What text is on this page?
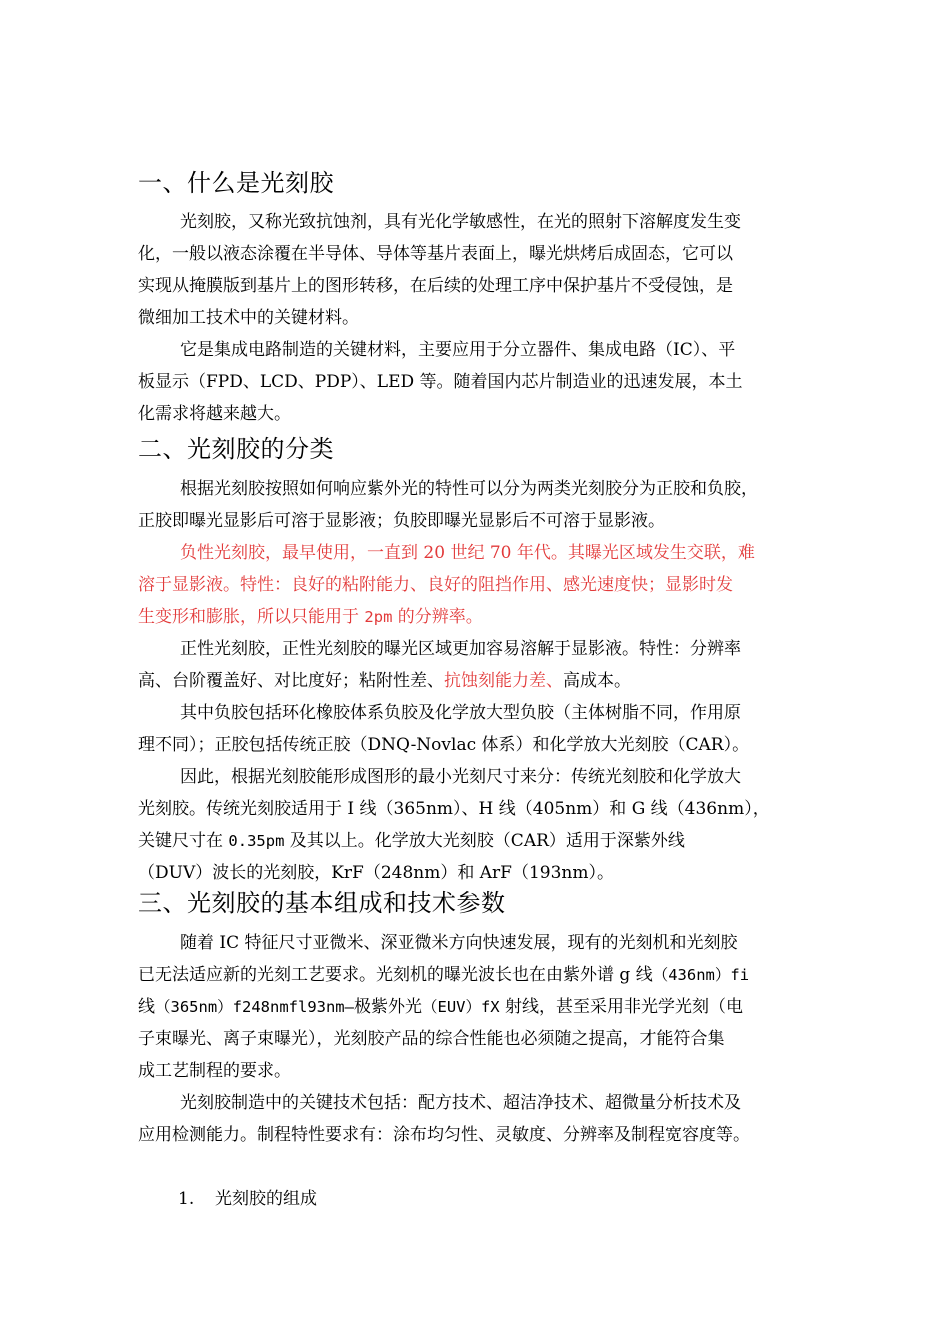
一、什么是光刻胶
光刻胶，又称光致抗蚀剂，具有光化学敏感性，在光的照射下溶解度发生变
化，一般以液态涂覆在半导体、导体等基片表面上，曝光烘烤后成固态，它可以
实现从掩膜版到基片上的图形转移，在后续的处理工序中保护基片不受侵蚀，是
微细加工技术中的关键材料。
它是集成电路制造的关键材料，主要应用于分立器件、集成电路（IC）、平
板显示（FPD、LCD、PDP）、LED 等。随着国内芯片制造业的迅速发展，本土
化需求将越来越大。
二、光刻胶的分类
根据光刻胶按照如何响应紫外光的特性可以分为两类光刻胶分为正胶和负胶，
正胶即曝光显影后可溶于显影液；负胶即曝光显影后不可溶于显影液。
负性光刻胶，最早使用，一直到 20 世纪 70 年代。其曝光区域发生交联，难
溶于显影液。特性：良好的粘附能力、良好的阻挡作用、感光速度快；显影时发
生变形和膨胀，所以只能用于 2pm 的分辨率。
正性光刻胶，正性光刻胶的曝光区域更加容易溶解于显影液。特性：分辨率
高、台阶覆盖好、对比度好；粘附性差、抗蚀刻能力差、高成本。
其中负胶包括环化橡胶体系负胶及化学放大型负胶（主体树脂不同，作用原
理不同）；正胶包括传统正胶（DNQ-Novlac 体系）和化学放大光刻胶（CAR）。
因此，根据光刻胶能形成图形的最小光刻尺寸来分：传统光刻胶和化学放大
光刻胶。传统光刻胶适用于 I 线（365nm）、H 线（405nm）和 G 线（436nm），
关键尺寸在 0.35pm 及其以上。化学放大光刻胶（CAR）适用于深紫外线
（DUV）波长的光刻胶，KrF（248nm）和 ArF（193nm）。
三、光刻胶的基本组成和技术参数
随着 IC 特征尺寸亚微米、深亚微米方向快速发展，现有的光刻机和光刻胶
已无法适应新的光刻工艺要求。光刻机的曝光波长也在由紫外谱 g 线（436nm）fi
线（365nm）f248nmfl93nm—极紫外光（EUV）fX 射线，甚至采用非光学光刻（电
子束曝光、离子束曝光），光刻胶产品的综合性能也必须随之提高，才能符合集
成工艺制程的要求。
光刻胶制造中的关键技术包括：配方技术、超洁净技术、超微量分析技术及
应用检测能力。制程特性要求有：涂布均匀性、灵敏度、分辨率及制程宽容度等。
1. 光刻胶的组成
